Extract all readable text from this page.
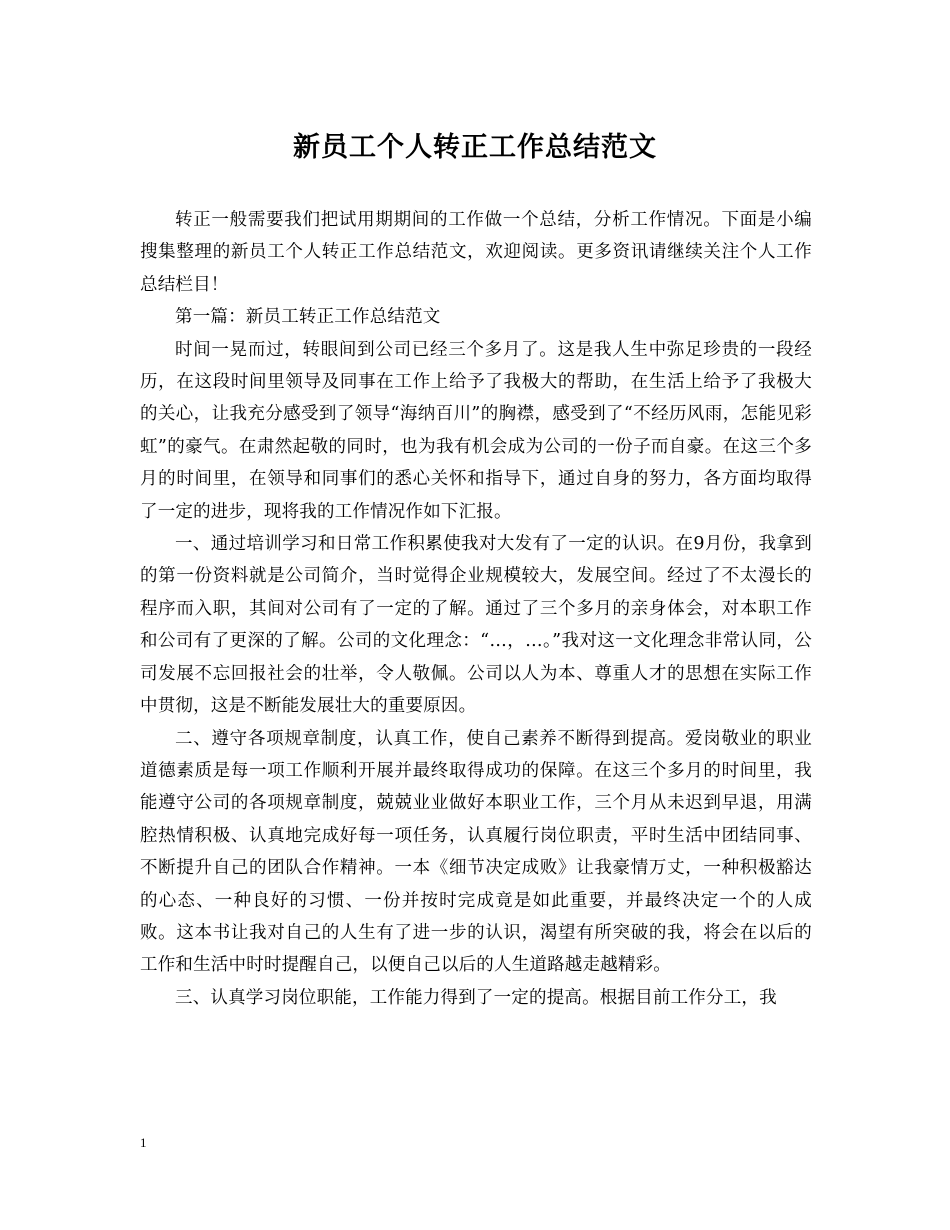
新员工个人转正工作总结范文

转正一般需要我们把试用期期间的工作做一个总结，分析工作情况。下面是小编搜集整理的新员工个人转正工作总结范文，欢迎阅读。更多资讯请继续关注个人工作总结栏目！

第一篇：新员工转正工作总结范文

时间一晃而过，转眼间到公司已经三个多月了。这是我人生中弥足珍贵的一段经历，在这段时间里领导及同事在工作上给予了我极大的帮助，在生活上给予了我极大的关心，让我充分感受到了领导“海纳百川”的胸襟，感受到了“不经历风雨，怎能见彩虹”的豪气。在肃然起敬的同时，也为我有机会成为公司的一份子而自豪。在这三个多月的时间里，在领导和同事们的悉心关怀和指导下，通过自身的努力，各方面均取得了一定的进步，现将我的工作情况作如下汇报。

一、通过培训学习和日常工作积累使我对大发有了一定的认识。在9月份，我拿到的第一份资料就是公司简介，当时觉得企业规模较大，发展空间。经过了不太漫长的程序而入职，其间对公司有了一定的了解。通过了三个多月的亲身体会，对本职工作和公司有了更深的了解。公司的文化理念：“…，…。”我对这一文化理念非常认同，公司发展不忘回报社会的壮举，令人敬佩。公司以人为本、尊重人才的思想在实际工作中贯彻，这是不断能发展壮大的重要原因。

二、遵守各项规章制度，认真工作，使自己素养不断得到提高。爱岗敬业的职业道德素质是每一项工作顺利开展并最终取得成功的保障。在这三个多月的时间里，我能遵守公司的各项规章制度，兢兢业业做好本职业工作，三个月从未迟到早退，用满腔热情积极、认真地完成好每一项任务，认真履行岗位职责，平时生活中团结同事、不断提升自己的团队合作精神。一本《细节决定成败》让我豪情万丈，一种积极豁达的心态、一种良好的习惯、一份并按时完成竟是如此重要，并最终决定一个的人成败。这本书让我对自己的人生有了进一步的认识，渴望有所突破的我，将会在以后的工作和生活中时时提醒自己，以便自己以后的人生道路越走越精彩。

三、认真学习岗位职能，工作能力得到了一定的提高。根据目前工作分工，我

1
